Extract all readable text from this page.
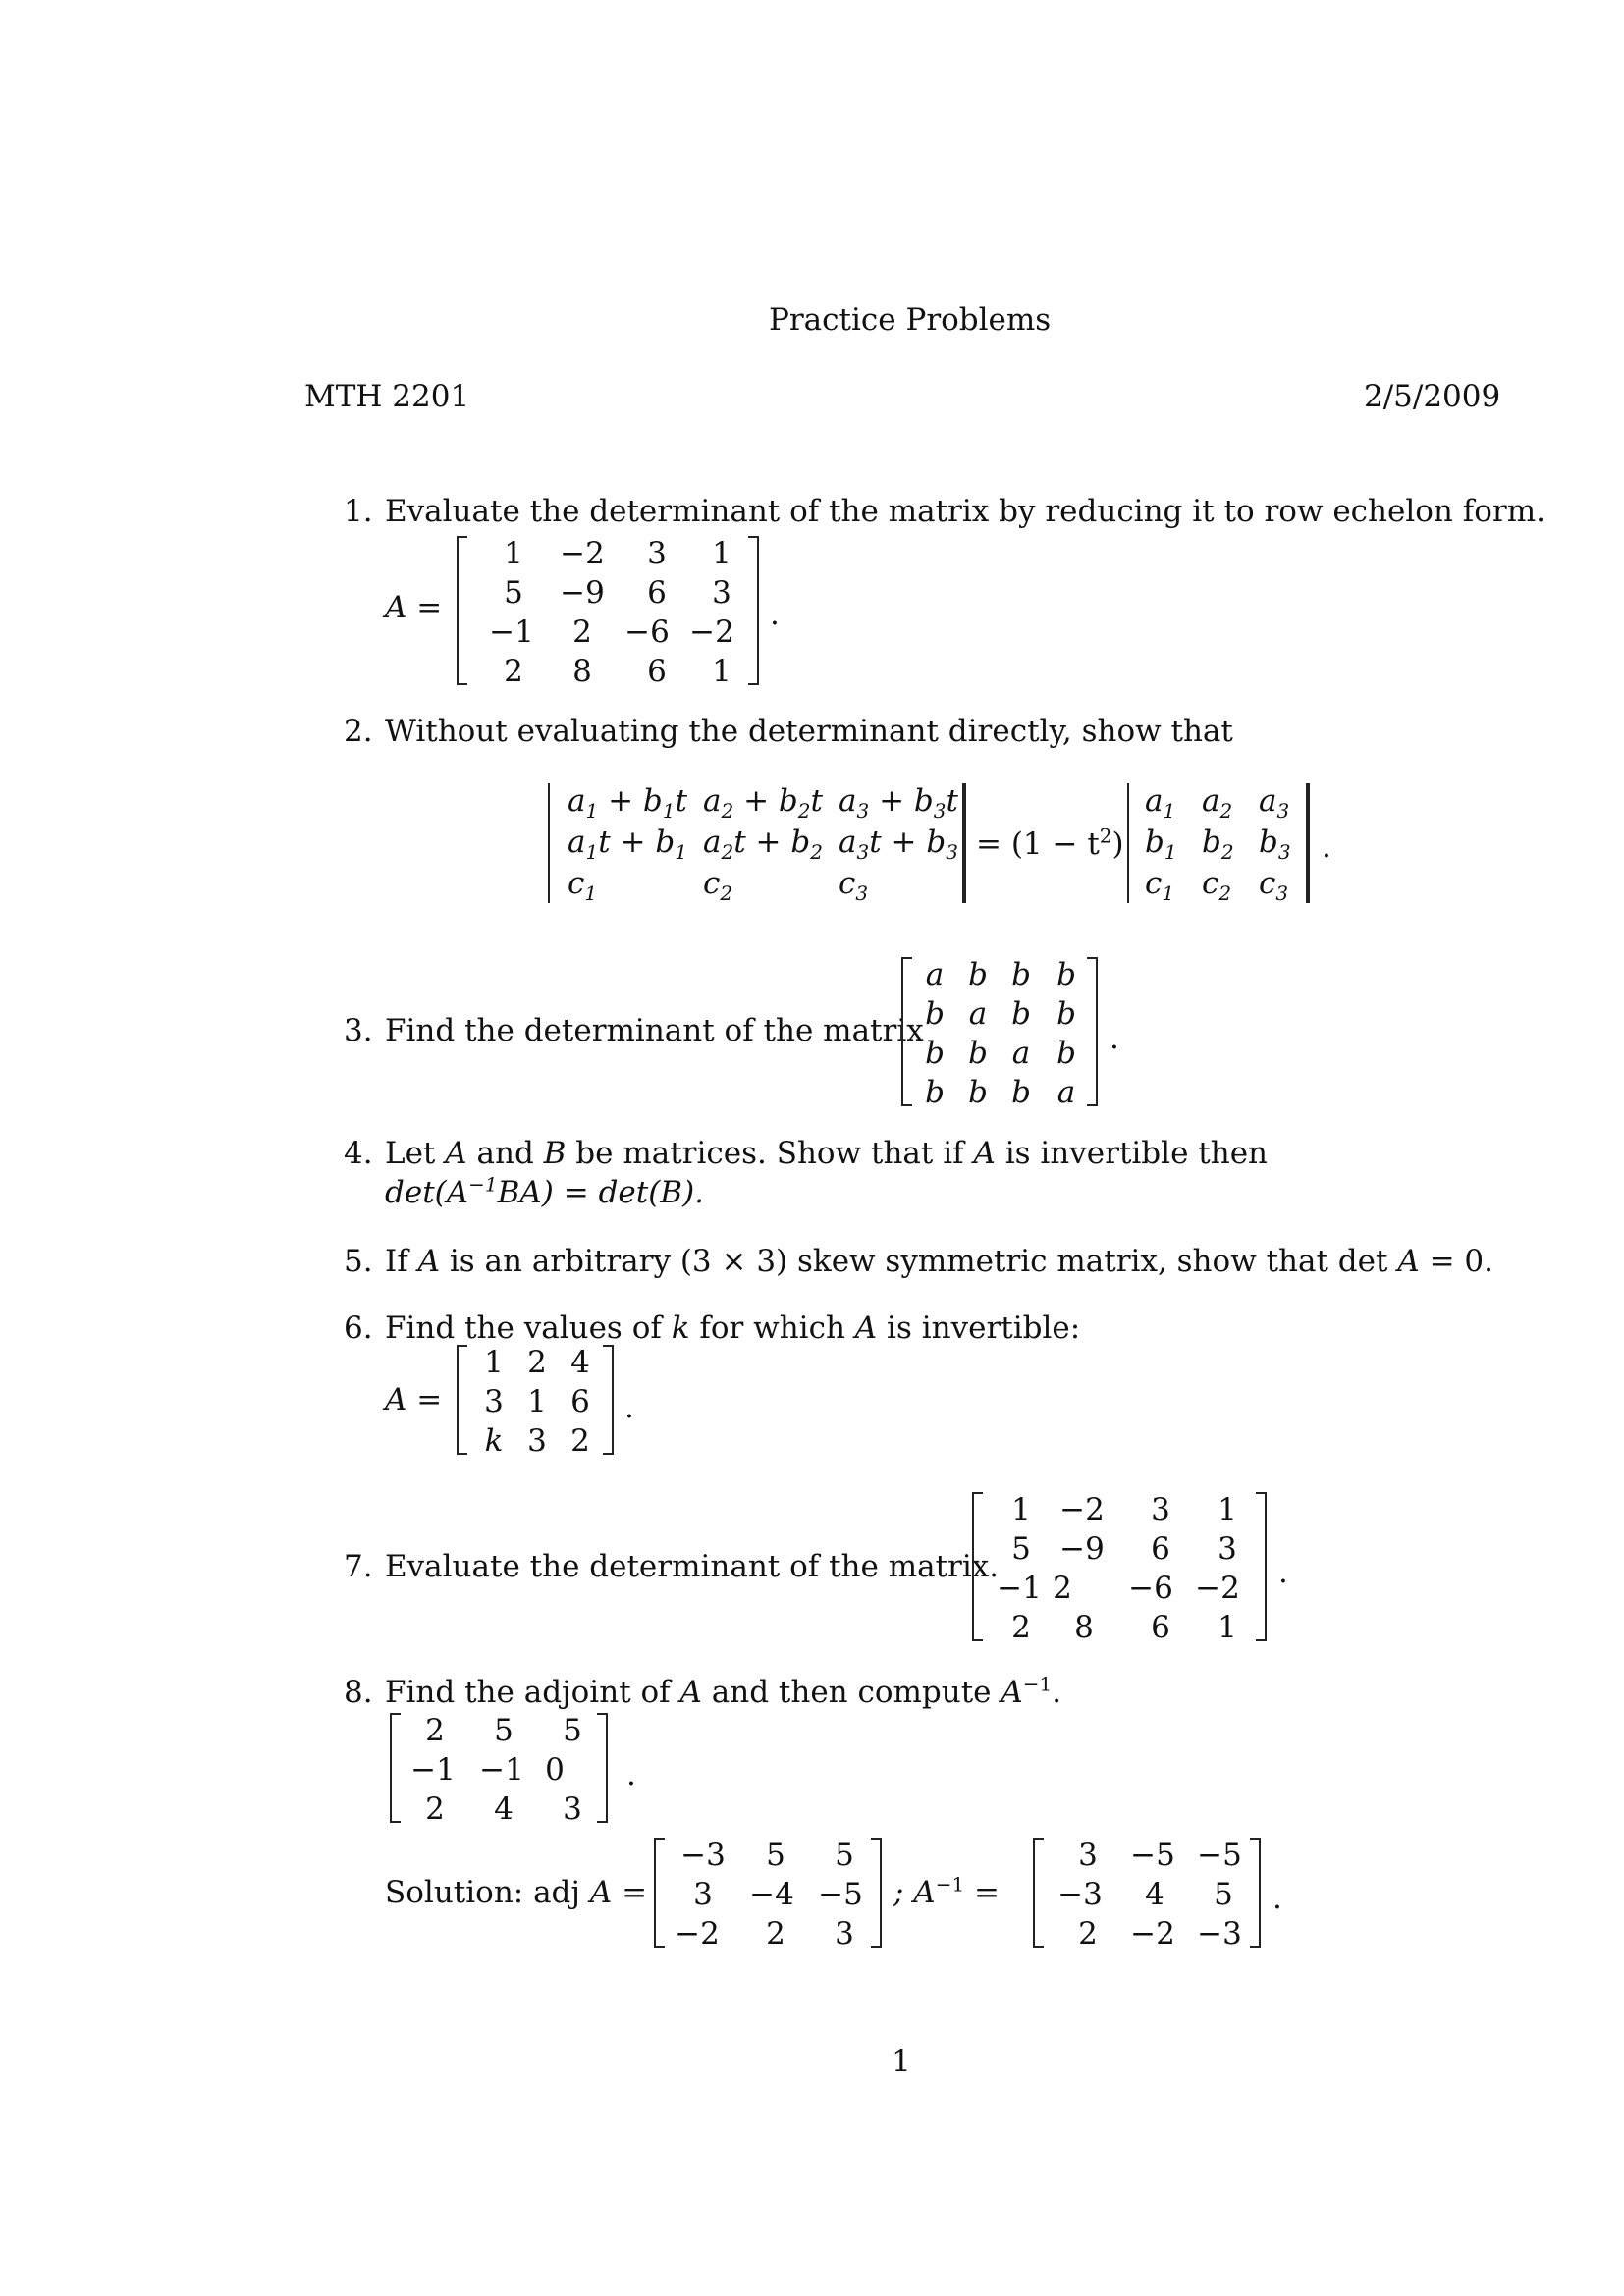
Practice Problems
MTH 2201	2/5/2009
1. Evaluate the determinant of the matrix by reducing it to row echelon form.
A =
1	−2	3	1
5	−9	6	3
−1	2	−6 −2
2	8	6	1
.
2. Without evaluating the determinant directly, show that
$a_1 + b_1t$ $a_2 + b_2t$ $a_3 + b_3t$
$a_1t + b_1$ $a_2t + b_2$ $a_3t + b_3$
$c_1$	$c_2$	$c_3$
= $(1 - t^2)$
$a_1$ $a_2$ $a_3$
$b_1$ $b_2$ $b_3$
$c_1$ $c_2$ $c_3$
.
3. Find the determinant of the matrix
a b b b
b a b b
b b a b
b b b a
.
4. Let A and B be matrices. Show that if A is invertible then
$\det(A^{-1}BA) = \det(B)$.
5. If A is an arbitrary (3 × 3) skew symmetric matrix, show that det A = 0.
6. Find the values of k for which A is invertible:
A =
1 2 4
3 1 6
k 3 2
.
7. Evaluate the determinant of the matrix.
1 −2	3	1
5 −9	6	3
−1 2	−6 −2
2	8	6	1
.
8. Find the adjoint of A and then compute $A^{-1}$.
2	5	5
−1 −1 0
2	4	3
.
Solution: adj A =
−3	5	5
3	−4 −5
−2	2	3
; $A^{-1}$ =
3	−5 −5
−3	4	5
2	−2 −3
.
1
